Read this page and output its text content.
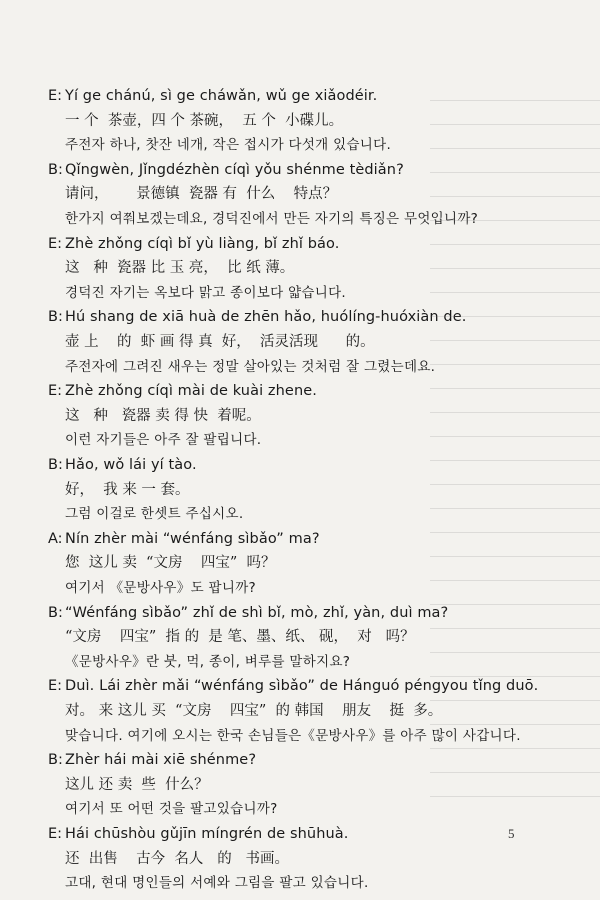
E: Yí ge chánú, sì ge cháwǎn, wǔ ge xiǎodéir.
一 个  茶壶，四 个 茶碗，  五 个  小碟儿。
주전자 하나, 찻잔 네개, 작은 접시가 다섯개 있습니다.
B: Qǐngwèn, Jǐngdézhèn cíqì yǒu shénme tèdiǎn?
请问，      景德镇  瓷器 有  什么    特点？
한가지 여쭤보겠는데요, 경덕진에서 만든 자기의 특징은 무엇입니까?
E: Zhè zhǒng cíqì bǐ yù liàng, bǐ zhǐ báo.
这   种  瓷器 比 玉 亮，  比 纸 薄。
경덕진 자기는 옥보다 맑고 종이보다 얇습니다.
B: Hú shang de xiā huà de zhēn hǎo, huólíng-huóxiàn de.
壶 上    的  虾 画 得 真  好，  活灵活现      的。
주전자에 그려진 새우는 정말 살아있는 것처럼 잘 그렸는데요.
E: Zhè zhǒng cíqì mài de kuài zhene.
这   种   瓷器 卖 得 快  着呢。
이런 자기들은 아주 잘 팔립니다.
B: Hǎo, wǒ lái yí tào.
好，  我 来 一 套。
그럼 이걸로 한셋트 주십시오.
A: Nín zhèr mài “wénfáng sìbǎo” ma?
您  这儿 卖  “文房    四宝”  吗？
여기서 《문방사우》도 팝니까?
B: “Wénfáng sìbǎo” zhǐ de shì bǐ, mò, zhǐ, yàn, duì ma?
“文房    四宝”  指 的  是 笔、墨、纸、 砚，  对   吗？
《문방사우》란 붓, 먹, 종이, 벼루를 말하지요?
E: Duì. Lái zhèr mǎi “wénfáng sìbǎo” de Hánguó péngyou tǐng duō.
对。 来 这儿 买  “文房    四宝”  的 韩国    朋友    挺  多。
맞습니다. 여기에 오시는 한국 손님들은《문방사우》를 아주 많이 사갑니다.
B: Zhèr hái mài xiē shénme?
这儿 还 卖  些  什么？
여기서 또 어떤 것을 팔고있습니까?
E: Hái chūshòu gǔjīn míngrén de shūhuà.
还  出售    古今  名人   的   书画。
고대, 현대 명인들의 서예와 그림을 팔고 있습니다.
5
